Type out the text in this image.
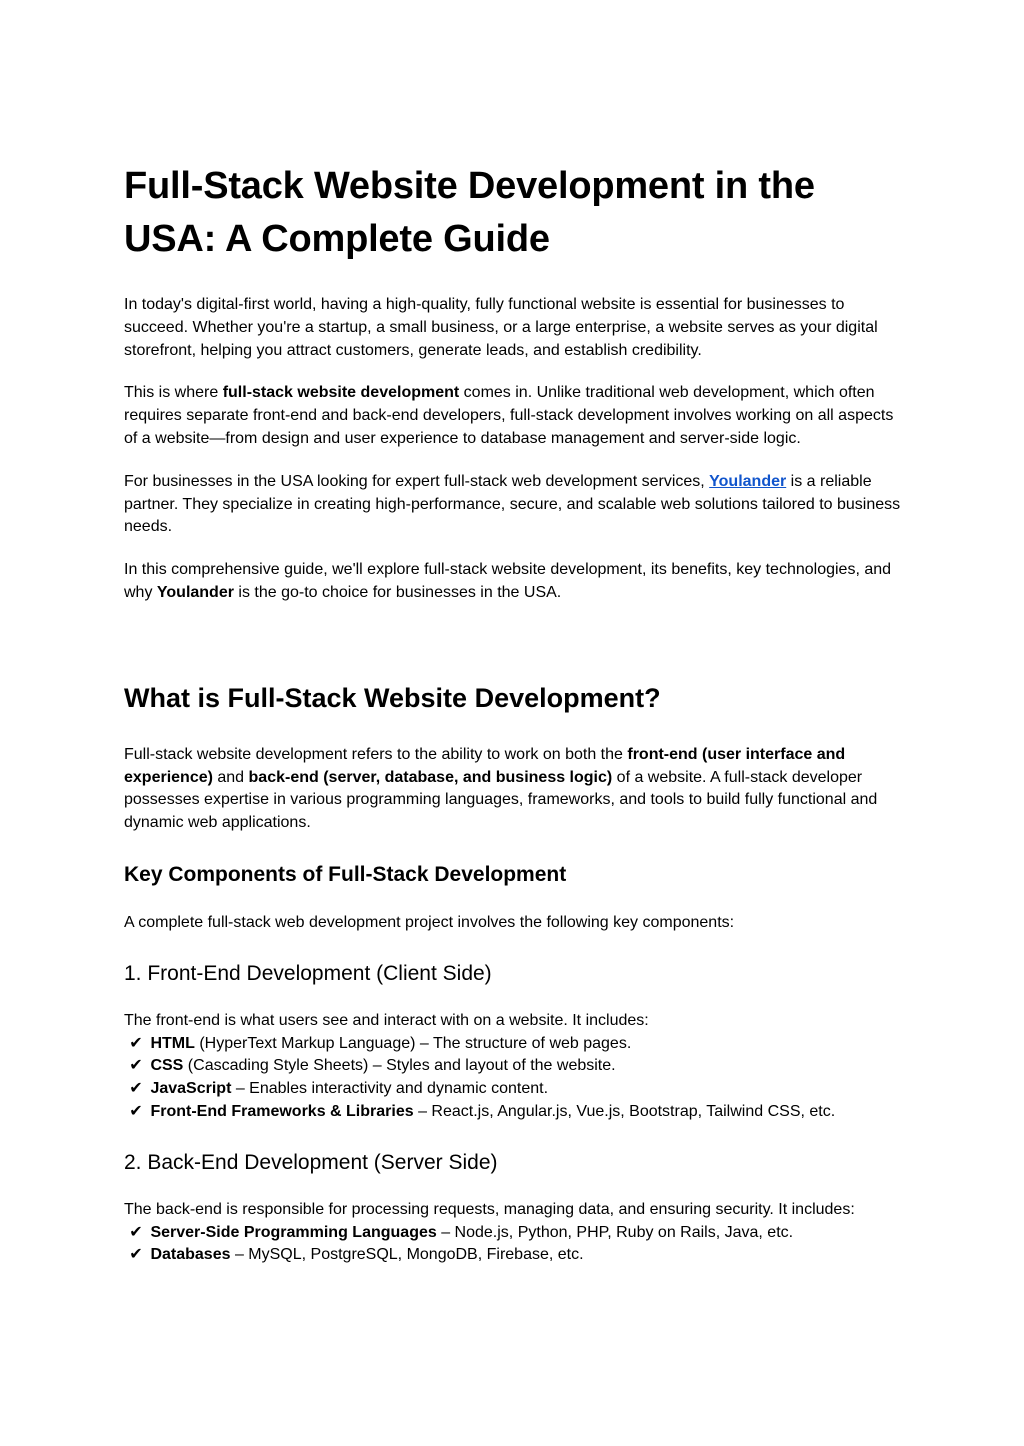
Full-Stack Website Development in the USA: A Complete Guide

In today's digital-first world, having a high-quality, fully functional website is essential for businesses to succeed. Whether you're a startup, a small business, or a large enterprise, a website serves as your digital storefront, helping you attract customers, generate leads, and establish credibility.

This is where full-stack website development comes in. Unlike traditional web development, which often requires separate front-end and back-end developers, full-stack development involves working on all aspects of a website—from design and user experience to database management and server-side logic.

For businesses in the USA looking for expert full-stack web development services, Youlander is a reliable partner. They specialize in creating high-performance, secure, and scalable web solutions tailored to business needs.

In this comprehensive guide, we'll explore full-stack website development, its benefits, key technologies, and why Youlander is the go-to choice for businesses in the USA.

What is Full-Stack Website Development?

Full-stack website development refers to the ability to work on both the front-end (user interface and experience) and back-end (server, database, and business logic) of a website. A full-stack developer possesses expertise in various programming languages, frameworks, and tools to build fully functional and dynamic web applications.

Key Components of Full-Stack Development

A complete full-stack web development project involves the following key components:

1. Front-End Development (Client Side)

The front-end is what users see and interact with on a website. It includes:
✔ HTML (HyperText Markup Language) – The structure of web pages.
✔ CSS (Cascading Style Sheets) – Styles and layout of the website.
✔ JavaScript – Enables interactivity and dynamic content.
✔ Front-End Frameworks & Libraries – React.js, Angular.js, Vue.js, Bootstrap, Tailwind CSS, etc.

2. Back-End Development (Server Side)

The back-end is responsible for processing requests, managing data, and ensuring security. It includes:
✔ Server-Side Programming Languages – Node.js, Python, PHP, Ruby on Rails, Java, etc.
✔ Databases – MySQL, PostgreSQL, MongoDB, Firebase, etc.
